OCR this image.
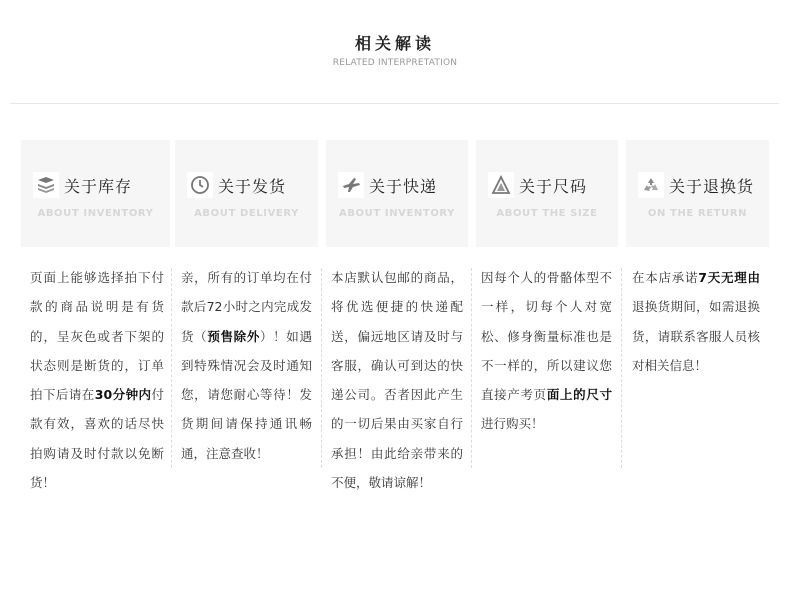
相关解读
RELATED INTERPRETATION
关于库存
ABOUT INVENTORY
关于发货
ABOUT DELIVERY
关于快递
ABOUT INVENTORY
关于尺码
ABOUT THE SIZE
关于退换货
ON THE RETURN
页面上能够选择拍下付款的商品说明是有货的，呈灰色或者下架的状态则是断货的，订单拍下后请在30分钟内付款有效，喜欢的话尽快拍购请及时付款以免断货！
亲，所有的订单均在付款后72小时之内完成发货（预售除外）！如遇到特殊情况会及时通知您，请您耐心等待！发货期间请保持通讯畅通，注意查收！
本店默认包邮的商品，将优选便捷的快递配送，偏远地区请及时与客服，确认可到达的快递公司。否者因此产生的一切后果由买家自行承担！由此给亲带来的不便，敬请谅解！
因每个人的骨骼体型不一样，切每个人对宽松、修身衡量标准也是不一样的，所以建议您直接产考页面上的尺寸进行购买！
在本店承诺7天无理由退换货期间，如需退换货，请联系客服人员核对相关信息！
